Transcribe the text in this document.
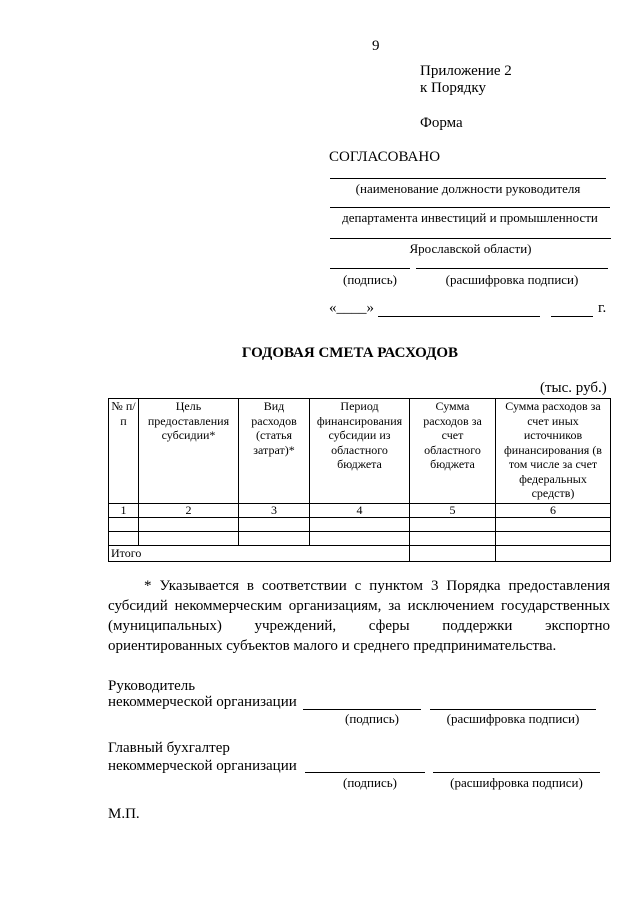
9
Приложение 2
к Порядку
Форма
СОГЛАСОВАНО
(наименование должности руководителя
департамента инвестиций и промышленности
Ярославской области)
(подпись)	(расшифровка подписи)
«____»	г.
ГОДОВАЯ СМЕТА РАСХОДОВ
(тыс. руб.)
№ п/п	Цель предоставления субсидии*	Вид расходов (статья затрат)*	Период финансирования субсидии из областного бюджета	Сумма расходов за счет областного бюджета	Сумма расходов за счет иных источников финансирования (в том числе за счет федеральных средств)
1	2	3	4	5	6

Итого					
* Указывается в соответствии с пунктом 3 Порядка предоставления
субсидий некоммерческим организациям, за исключением государственных
(муниципальных) учреждений, сферы поддержки экспортно
ориентированных субъектов малого и среднего предпринимательства.
Руководитель
некоммерческой организации
(подпись)	(расшифровка подписи)
Главный бухгалтер
некоммерческой организации
(подпись)	(расшифровка подписи)
М.П.
